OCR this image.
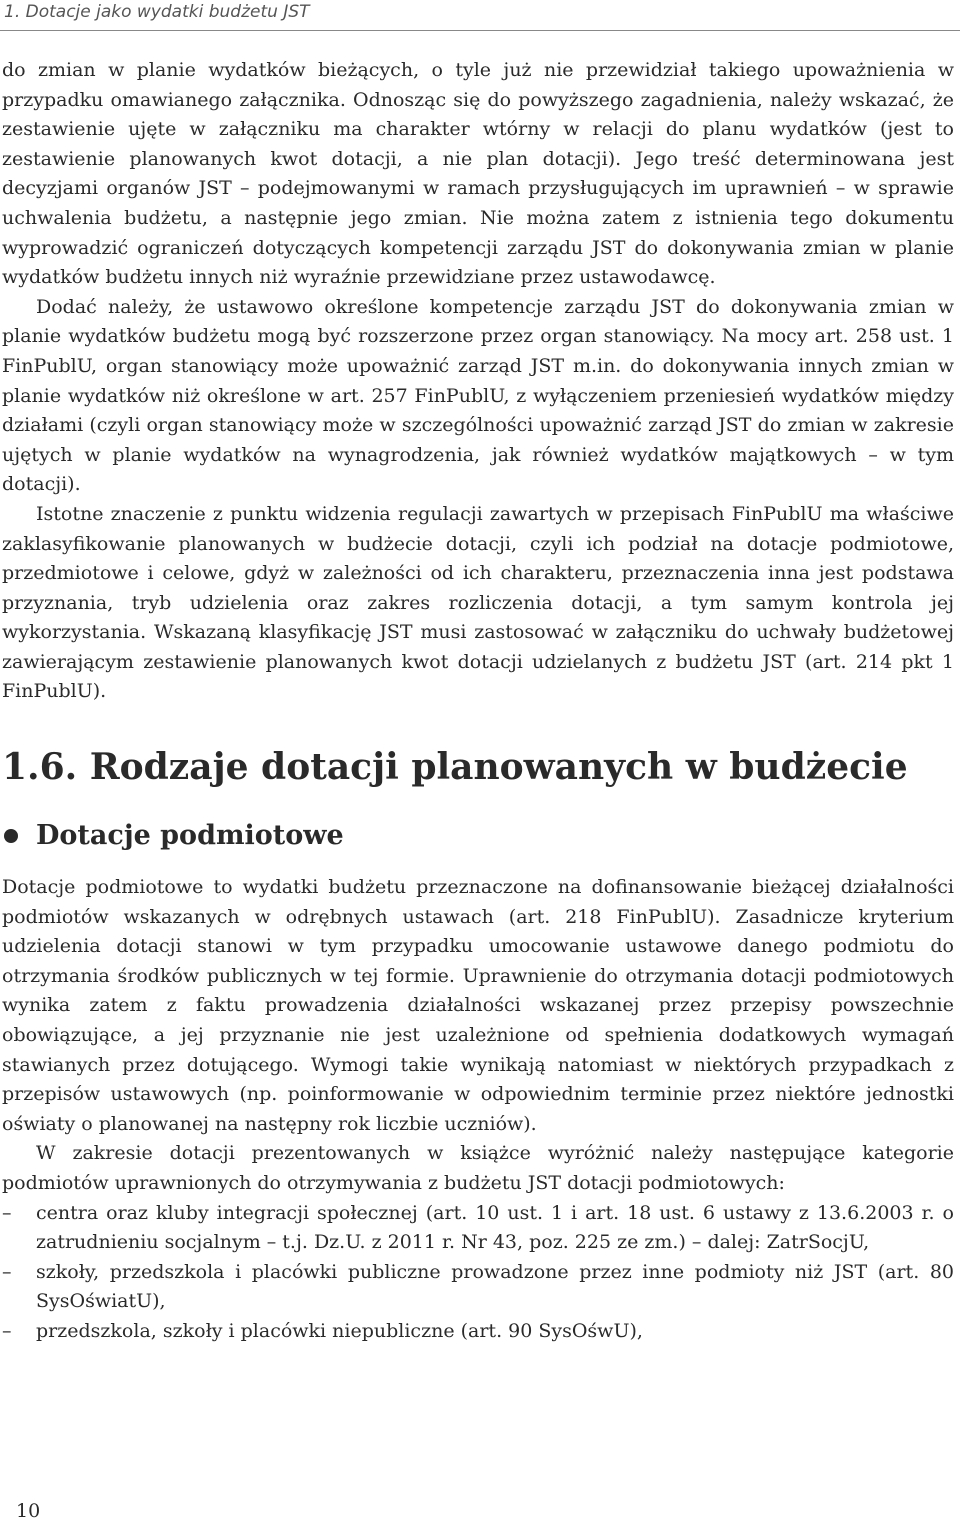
1. Dotacje jako wydatki budżetu JST

do zmian w planie wydatków bieżących, o tyle już nie przewidział takiego upoważnienia w przypadku omawianego załącznika. Odnosząc się do powyższego zagadnienia, należy wskazać, że zestawienie ujęte w załączniku ma charakter wtórny w relacji do planu wydatków (jest to zestawienie planowanych kwot dotacji, a nie plan dotacji). Jego treść determinowana jest decyzjami organów JST – podejmowanymi w ramach przysługujących im uprawnień – w sprawie uchwalenia budżetu, a następnie jego zmian. Nie można zatem z istnienia tego dokumentu wyprowadzić ograniczeń dotyczących kompetencji zarządu JST do dokonywania zmian w planie wydatków budżetu innych niż wyraźnie przewidziane przez ustawodawcę.

Dodać należy, że ustawowo określone kompetencje zarządu JST do dokonywania zmian w planie wydatków budżetu mogą być rozszerzone przez organ stanowiący. Na mocy art. 258 ust. 1 FinPublU, organ stanowiący może upoważnić zarząd JST m.in. do dokonywania innych zmian w planie wydatków niż określone w art. 257 FinPublU, z wyłączeniem przeniesień wydatków między działami (czyli organ stanowiący może w szczególności upoważnić zarząd JST do zmian w zakresie ujętych w planie wydatków na wynagrodzenia, jak również wydatków majątkowych – w tym dotacji).

Istotne znaczenie z punktu widzenia regulacji zawartych w przepisach FinPublU ma właściwe zaklasyfikowanie planowanych w budżecie dotacji, czyli ich podział na dotacje podmiotowe, przedmiotowe i celowe, gdyż w zależności od ich charakteru, przeznaczenia inna jest podstawa przyznania, tryb udzielenia oraz zakres rozliczenia dotacji, a tym samym kontrola jej wykorzystania. Wskazaną klasyfikację JST musi zastosować w załączniku do uchwały budżetowej zawierającym zestawienie planowanych kwot dotacji udzielanych z budżetu JST (art. 214 pkt 1 FinPublU).

1.6. Rodzaje dotacji planowanych w budżecie
Dotacje podmiotowe

Dotacje podmiotowe to wydatki budżetu przeznaczone na dofinansowanie bieżącej działalności podmiotów wskazanych w odrębnych ustawach (art. 218 FinPublU). Zasadnicze kryterium udzielenia dotacji stanowi w tym przypadku umocowanie ustawowe danego podmiotu do otrzymania środków publicznych w tej formie. Uprawnienie do otrzymania dotacji podmiotowych wynika zatem z faktu prowadzenia działalności wskazanej przez przepisy powszechnie obowiązujące, a jej przyznanie nie jest uzależnione od spełnienia dodatkowych wymagań stawianych przez dotującego. Wymogi takie wynikają natomiast w niektórych przypadkach z przepisów ustawowych (np. poinformowanie w odpowiednim terminie przez niektóre jednostki oświaty o planowanej na następny rok liczbie uczniów).

W zakresie dotacji prezentowanych w książce wyróżnić należy następujące kategorie podmiotów uprawnionych do otrzymywania z budżetu JST dotacji podmiotowych:

– centra oraz kluby integracji społecznej (art. 10 ust. 1 i art. 18 ust. 6 ustawy z 13.6.2003 r. o zatrudnieniu socjalnym – t.j. Dz.U. z 2011 r. Nr 43, poz. 225 ze zm.) – dalej: ZatrSocjU,
– szkoły, przedszkola i placówki publiczne prowadzone przez inne podmioty niż JST (art. 80 SysOświatU),
– przedszkola, szkoły i placówki niepubliczne (art. 90 SysOśwU),
10
